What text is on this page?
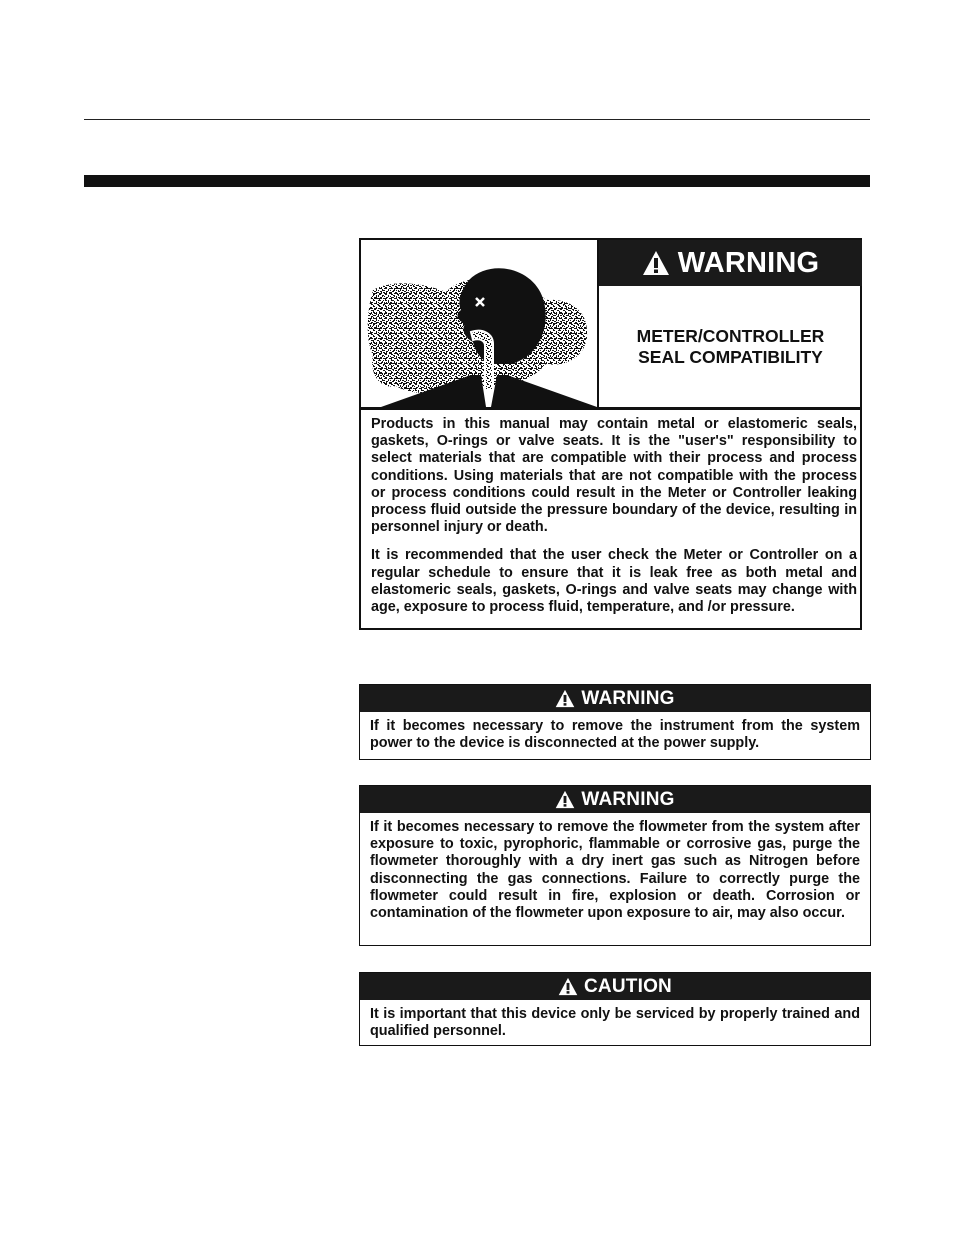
WARNING
METER/CONTROLLER
SEAL COMPATIBILITY

Products in this manual may contain metal or elastomeric seals, gaskets, O-rings or valve seats. It is the "user's" responsibility to select materials that are compatible with their process and process conditions. Using materials that are not compatible with the process or process conditions could result in the Meter or Controller leaking process fluid outside the pressure boundary of the device, resulting in personnel injury or death.

It is recommended that the user check the Meter or Controller on a regular schedule to ensure that it is leak free as both metal and elastomeric seals, gaskets, O-rings and valve seats may change with age, exposure to process fluid, temperature, and /or pressure.

WARNING
If it becomes necessary to remove the instrument from the system power to the device is disconnected at the power supply.
WARNING
If it becomes necessary to remove the flowmeter from the system after exposure to toxic, pyrophoric, flammable or corrosive gas, purge the flowmeter thoroughly with a dry inert gas such as Nitrogen before disconnecting the gas connections. Failure to correctly purge the flowmeter could result in fire, explosion or death. Corrosion or contamination of the flowmeter upon exposure to air, may also occur.
CAUTION
It is important that this device only be serviced by properly trained and qualified personnel.
